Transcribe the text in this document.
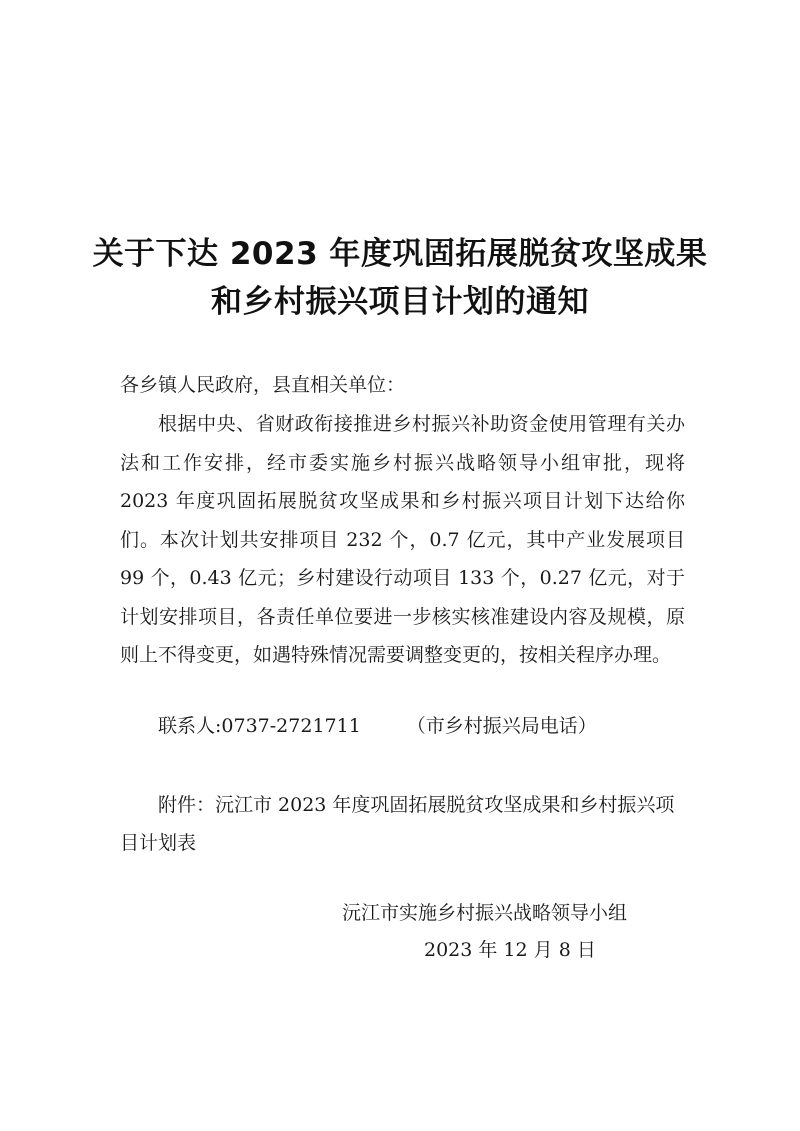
关于下达 2023 年度巩固拓展脱贫攻坚成果
和乡村振兴项目计划的通知
各乡镇人民政府，县直相关单位：
根据中央、省财政衔接推进乡村振兴补助资金使用管理有关办法和工作安排，经市委实施乡村振兴战略领导小组审批，现将 2023 年度巩固拓展脱贫攻坚成果和乡村振兴项目计划下达给你们。本次计划共安排项目 232 个，0.7 亿元，其中产业发展项目 99 个，0.43 亿元；乡村建设行动项目 133 个，0.27 亿元，对于计划安排项目，各责任单位要进一步核实核准建设内容及规模，原则上不得变更，如遇特殊情况需要调整变更的，按相关程序办理。
联系人:0737-2721711 （市乡村振兴局电话）
附件：沅江市 2023 年度巩固拓展脱贫攻坚成果和乡村振兴项目计划表
沅江市实施乡村振兴战略领导小组
2023 年 12 月 8 日
